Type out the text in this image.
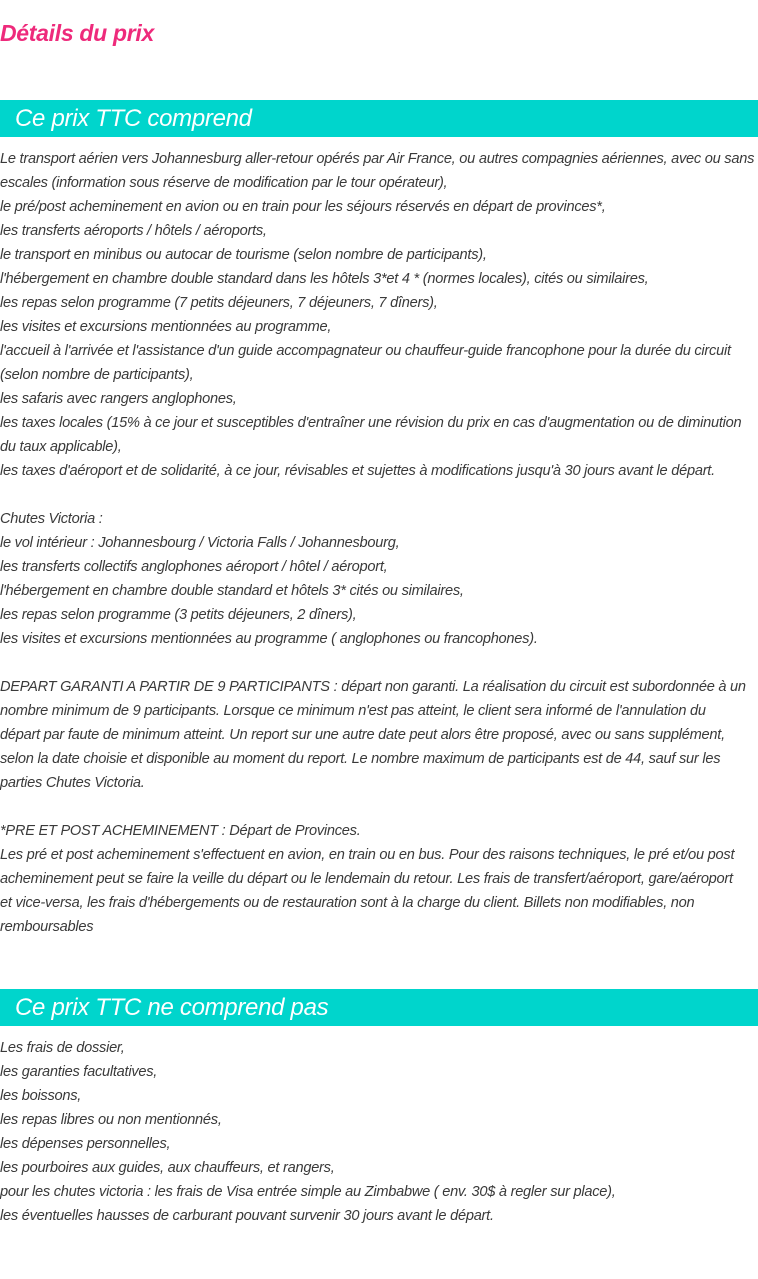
Détails du prix
Ce prix TTC comprend
Le transport aérien vers Johannesburg aller-retour opérés par Air France, ou autres compagnies aériennes, avec ou sans
escales (information sous réserve de modification par le tour opérateur),
le pré/post acheminement en avion ou en train pour les séjours réservés en départ de provinces*,
les transferts aéroports / hôtels / aéroports,
le transport en minibus ou autocar de tourisme (selon nombre de participants),
l'hébergement en chambre double standard dans les hôtels 3*et 4 * (normes locales), cités ou similaires,
les repas selon programme (7 petits déjeuners, 7 déjeuners, 7 dîners),
les visites et excursions mentionnées au programme,
l'accueil à l'arrivée et l'assistance d'un guide accompagnateur ou chauffeur-guide francophone pour la durée du circuit
(selon nombre de participants),
les safaris avec rangers anglophones,
les taxes locales (15% à ce jour et susceptibles d'entraîner une révision du prix en cas d'augmentation ou de diminution
du taux applicable),
les taxes d'aéroport et de solidarité, à ce jour, révisables et sujettes à modifications jusqu'à 30 jours avant le départ.
Chutes Victoria :
le vol intérieur : Johannesbourg / Victoria Falls / Johannesbourg,
les transferts collectifs anglophones aéroport / hôtel / aéroport,
l'hébergement en chambre double standard et hôtels 3* cités ou similaires,
les repas selon programme (3 petits déjeuners, 2 dîners),
les visites et excursions mentionnées au programme ( anglophones ou francophones).
DEPART GARANTI A PARTIR DE 9 PARTICIPANTS : départ non garanti. La réalisation du circuit est subordonnée à un
nombre minimum de 9 participants. Lorsque ce minimum n'est pas atteint, le client sera informé de l'annulation du
départ par faute de minimum atteint. Un report sur une autre date peut alors être proposé, avec ou sans supplément,
selon la date choisie et disponible au moment du report. Le nombre maximum de participants est de 44, sauf sur les
parties Chutes Victoria.
*PRE ET POST ACHEMINEMENT : Départ de Provinces.
Les pré et post acheminement s'effectuent en avion, en train ou en bus. Pour des raisons techniques, le pré et/ou post
acheminement peut se faire la veille du départ ou le lendemain du retour. Les frais de transfert/aéroport, gare/aéroport
et vice-versa, les frais d'hébergements ou de restauration sont à la charge du client. Billets non modifiables, non
remboursables
Ce prix TTC ne comprend pas
Les frais de dossier,
les garanties facultatives,
les boissons,
les repas libres ou non mentionnés,
les dépenses personnelles,
les pourboires aux guides, aux chauffeurs, et rangers,
pour les chutes victoria : les frais de Visa entrée simple au Zimbabwe ( env. 30$ à regler sur place),
les éventuelles hausses de carburant pouvant survenir 30 jours avant le départ.
